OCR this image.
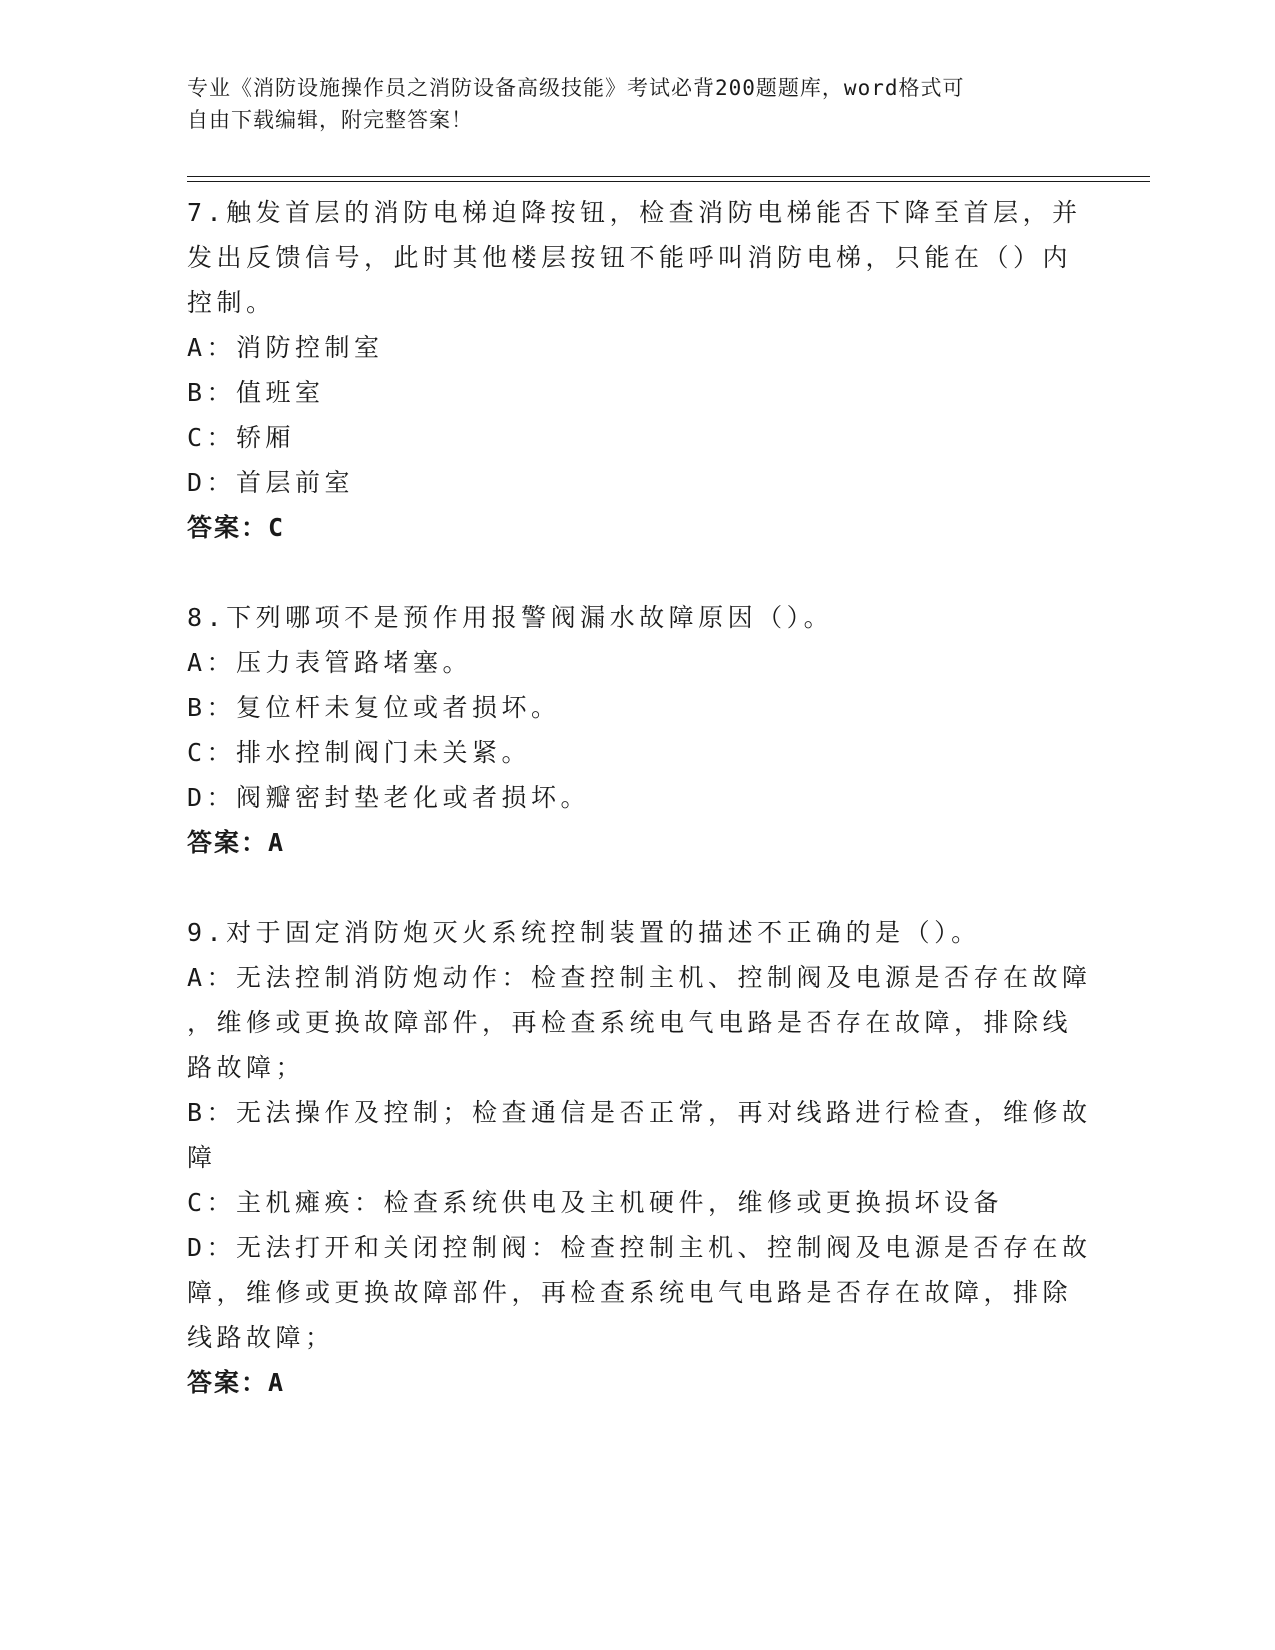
专业《消防设施操作员之消防设备高级技能》考试必背200题题库，word格式可
自由下载编辑，附完整答案！
7.触发首层的消防电梯迫降按钮，检查消防电梯能否下降至首层，并
发出反馈信号，此时其他楼层按钮不能呼叫消防电梯，只能在（）内
控制。
A：消防控制室
B：值班室
C：轿厢
D：首层前室
答案：C
8.下列哪项不是预作用报警阀漏水故障原因（）。
A：压力表管路堵塞。
B：复位杆未复位或者损坏。
C：排水控制阀门未关紧。
D：阀瓣密封垫老化或者损坏。
答案：A
9.对于固定消防炮灭火系统控制装置的描述不正确的是（）。
A：无法控制消防炮动作：检查控制主机、控制阀及电源是否存在故障
，维修或更换故障部件，再检查系统电气电路是否存在故障，排除线
路故障；
B：无法操作及控制；检查通信是否正常，再对线路进行检查，维修故
障
C：主机瘫痪：检查系统供电及主机硬件，维修或更换损坏设备
D：无法打开和关闭控制阀：检查控制主机、控制阀及电源是否存在故
障，维修或更换故障部件，再检查系统电气电路是否存在故障，排除
线路故障；
答案：A
